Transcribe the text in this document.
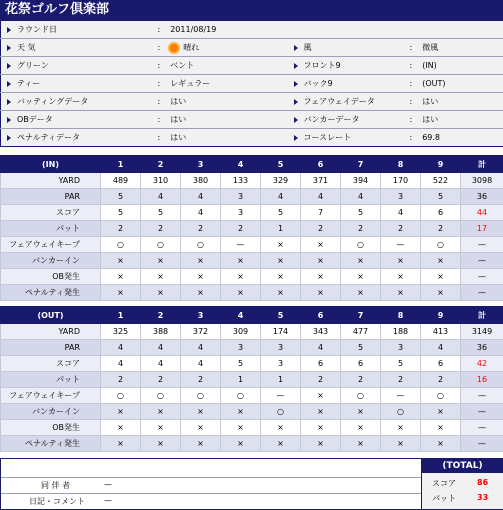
花祭ゴルフ倶楽部
ラウンド日	: 2011/08/19		
天 気	: 晴れ	風	: 微風
グリーン	: ベント	フロント9	: (IN)
ティー	: レギュラー	バック9	: (OUT)
バッティングデータ	: はい	フェアウェイデータ	: はい
OBデータ	: はい	バンカーデータ	: はい
ペナルティデータ	: はい	コースレート	: 69.8
(IN)	1	2	3	4	5	6	7	8	9	計
YARD	489	310	380	133	329	371	394	170	522	3098
PAR	5	4	4	3	4	4	4	3	5	36
スコア	5	5	4	3	5	7	5	4	6	44
パット	2	2	2	2	1	2	2	2	2	17
フェアウェイキープ	○	○	○	—	×	×	○	—	○	—
バンカーイン	×	×	×	×	×	×	×	×	×	—
OB発生	×	×	×	×	×	×	×	×	×	—
ペナルティ発生	×	×	×	×	×	×	×	×	×	—
(OUT)	1	2	3	4	5	6	7	8	9	計
YARD	325	388	372	309	174	343	477	188	413	3149
PAR	4	4	4	3	3	4	5	3	4	36
スコア	4	4	4	5	3	6	6	5	6	42
パット	2	2	2	1	1	2	2	2	2	16
フェアウェイキープ	○	○	○	○	—	×	○	—	○	—
バンカーイン	×	×	×	×	○	×	×	○	×	—
OB発生	×	×	×	×	×	×	×	×	×	—
ペナルティ発生	×	×	×	×	×	×	×	×	×	—
同 伴 者	—
日記・コメント —
(TOTAL)
スコア	86
パット	33
